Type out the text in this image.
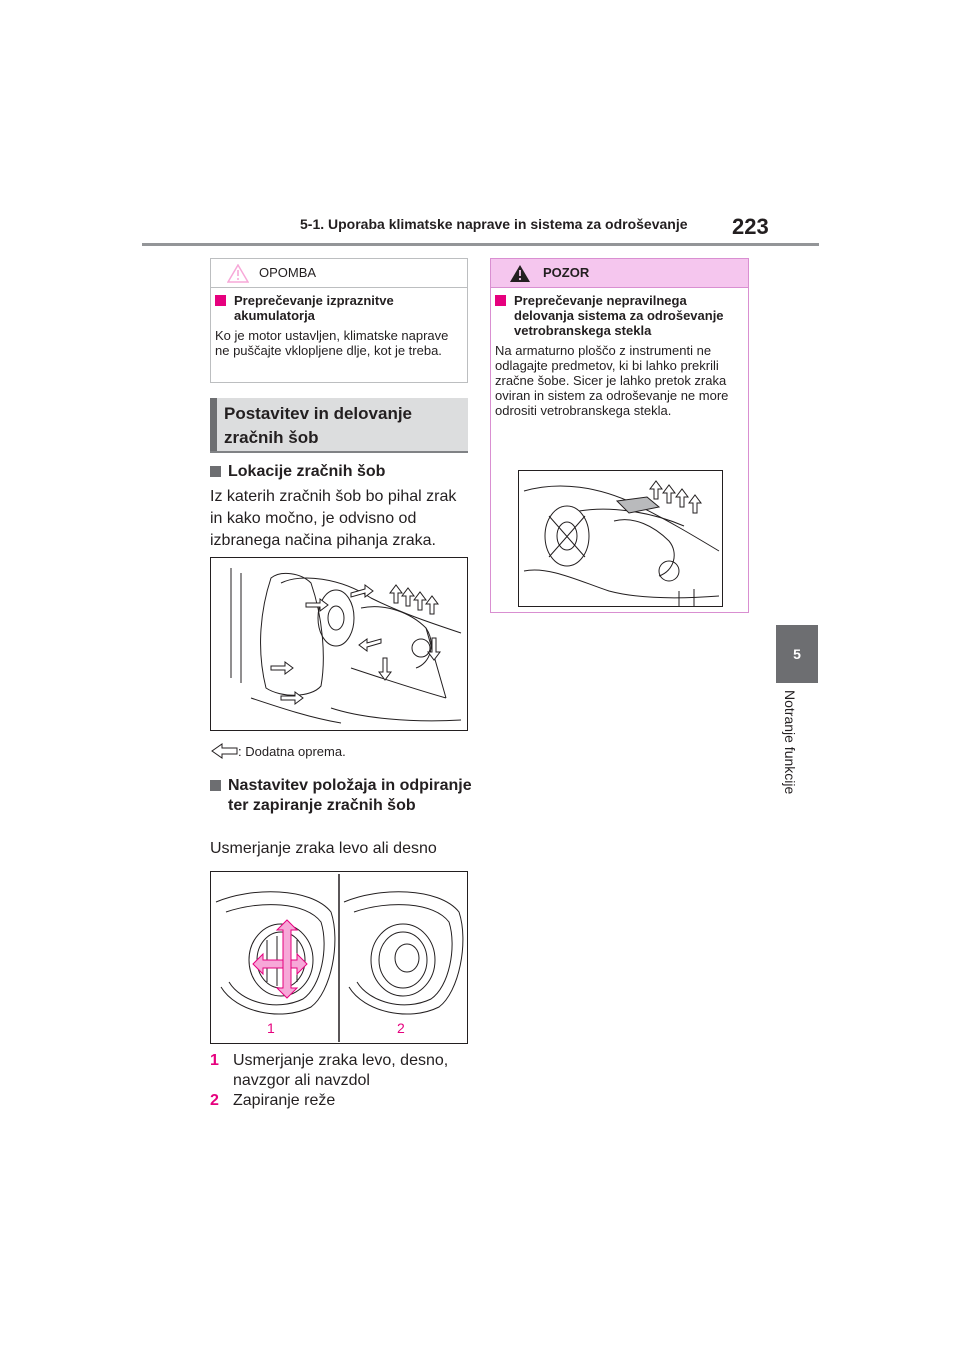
5-1. Uporaba klimatske naprave in sistema za odroševanje 223
5
Notranje funkcije
OPOMBA
Preprečevanje izpraznitve akumulatorja
Ko je motor ustavljen, klimatske naprave ne puščajte vklopljene dlje, kot je treba.
POZOR
Preprečevanje nepravilnega delovanja sistema za odroševanje vetrobranskega stekla
Na armaturno ploščo z instrumenti ne odlagajte predmetov, ki bi lahko prekrili zračne šobe. Sicer je lahko pretok zraka oviran in sistem za odroševanje ne more odrositi vetrobranskega stekla.
Postavitev in delovanje
zračnih šob
Lokacije zračnih šob
Iz katerih zračnih šob bo pihal zrak in kako močno, je odvisno od izbranega načina pihanja zraka.
: Dodatna oprema.
Nastavitev položaja in odpiranje ter zapiranje zračnih šob
Usmerjanje zraka levo ali desno
1	2
1 Usmerjanje zraka levo, desno, navzgor ali navzdol
2 Zapiranje reže
